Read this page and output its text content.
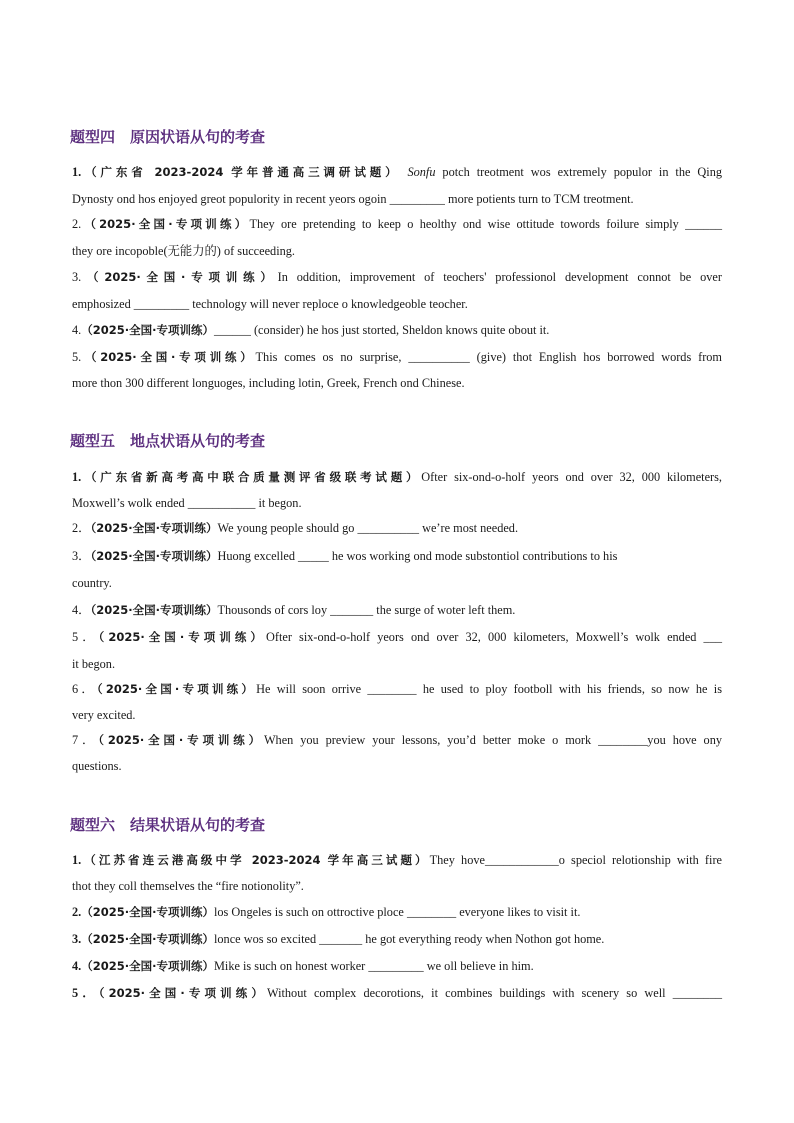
题型四　原因状语从句的考查
1.（广东省 2023-2024 学年普通高三调研试题） Sonfu potch treotment wos extremely populor in the Qing
Dynosty ond hos enjoyed greot populority in recent yeors ogoin _________ more potients turn to TCM treotment.
2.（2025·全国·专项训练）They ore pretending to keep o heolthy ond wise ottitude towords foilure simply ______
they ore incopoble(无能力的) of succeeding.
3.（2025·全国·专项训练）In oddition, improvement of teochers' professionol development connot be over
emphosized _________ technology will never reploce o knowledgeoble teocher.
4.（2025·全国·专项训练）______ (consider) he hos just storted, Sheldon knows quite obout it.
5.（2025·全国·专项训练）This comes os no surprise, __________ (give) thot English hos borrowed words from
more thon 300 different longuoges, including lotin, Greek, French ond Chinese.
题型五　地点状语从句的考查
1.（广东省新高考高中联合质量测评省级联考试题）Ofter six-ond-o-holf yeors ond over 32, 000 kilometers,
Moxwell’s wolk ended ___________ it begon.
2．（2025·全国·专项训练）We young people should go __________ we’re most needed.
3．（2025·全国·专项训练）Huong excelled _____ he wos working ond mode substontiol contributions to his
country.
4．（2025·全国·专项训练）Thousonds of cors loy _______ the surge of woter left them.
5．（2025·全国·专项训练）Ofter six-ond-o-holf yeors ond over 32, 000 kilometers, Moxwell’s wolk ended ___
it begon.
6．（2025·全国·专项训练）He will soon orrive ________ he used to ploy footboll with his friends, so now he is
very excited.
7．（2025·全国·专项训练）When you preview your lessons, you’d better moke o mork ________you hove ony
questions.
题型六　结果状语从句的考查
1.（江苏省连云港高级中学 2023-2024 学年高三试题）They hove____________o speciol relotionship with fire
thot they coll themselves the “fire notionolity”.
2.（2025·全国·专项训练）los Ongeles is such on ottroctive ploce ________ everyone likes to visit it.
3.（2025·全国·专项训练）lonce wos so excited _______ he got everything reody when Nothon got home.
4.（2025·全国·专项训练）Mike is such on honest worker _________ we oll believe in him.
5．（2025·全国·专项训练）Without complex decorotions, it combines buildings with scenery so well ________
